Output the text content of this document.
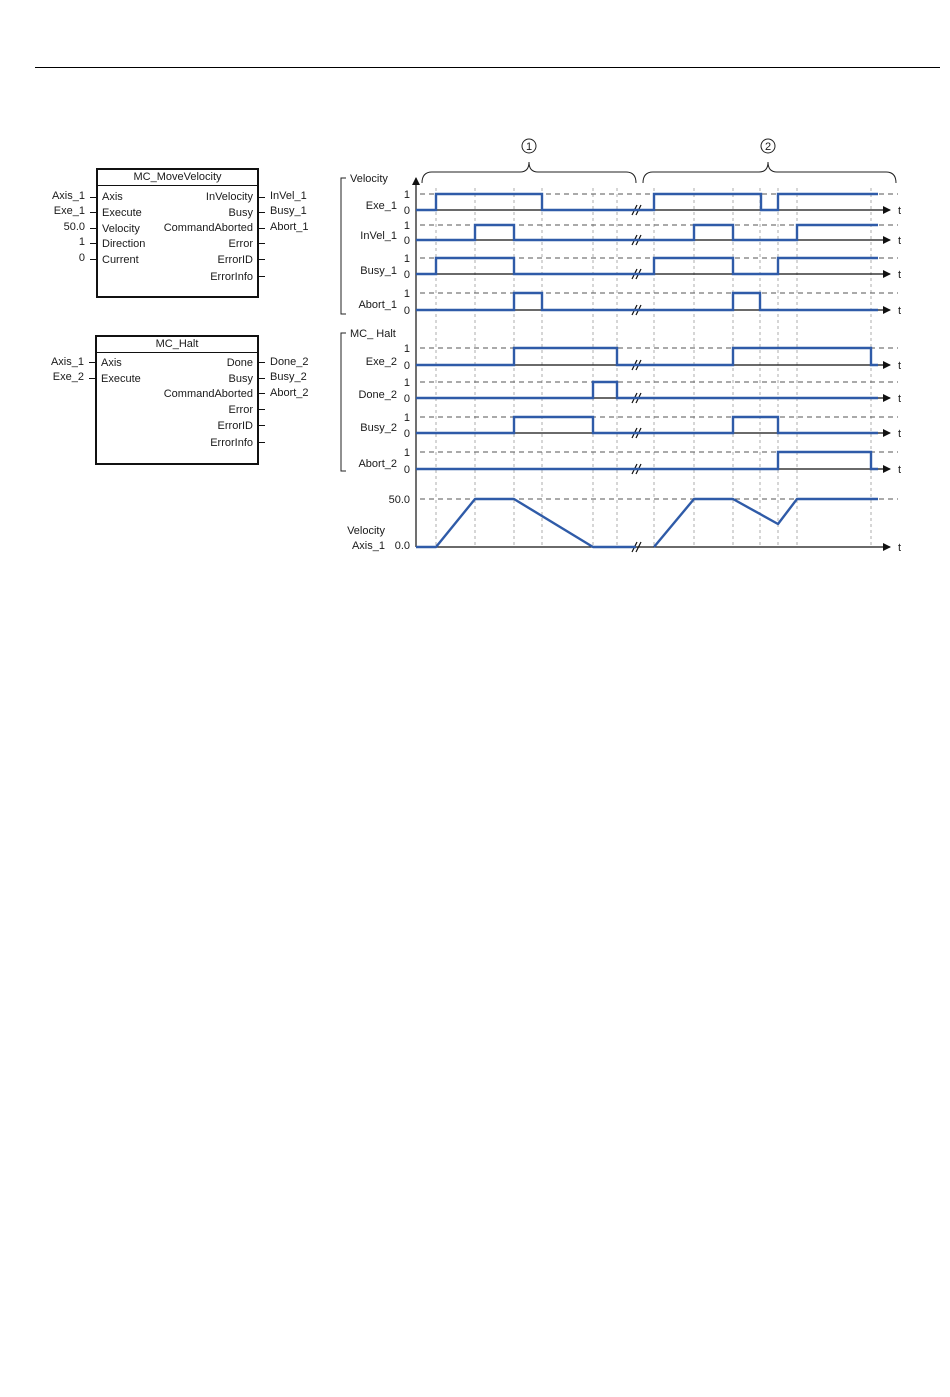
MC_MoveVelocity
Axis
Execute
Velocity
Direction
Current
InVelocity
Busy
CommandAborted
Error
ErrorID
ErrorInfo
Axis_1
Exe_1
50.0
1
0
InVel_1
Busy_1
Abort_1
MC_Halt
Axis
Execute
Done
Busy
CommandAborted
Error
ErrorID
ErrorInfo
Axis_1
Exe_2
Done_2
Busy_2
Abort_2
1	2
Velocity
MC_ Halt
1
0	t
Exe_1
1
0	t
InVel_1
1
0	t
Busy_1
1
0	t
Abort_1
1
0	t
Exe_2
1
0	t
Done_2
1
0	t
Busy_2
1
0	t
Abort_2
t
Velocity
Axis_1
50.0
0.0
